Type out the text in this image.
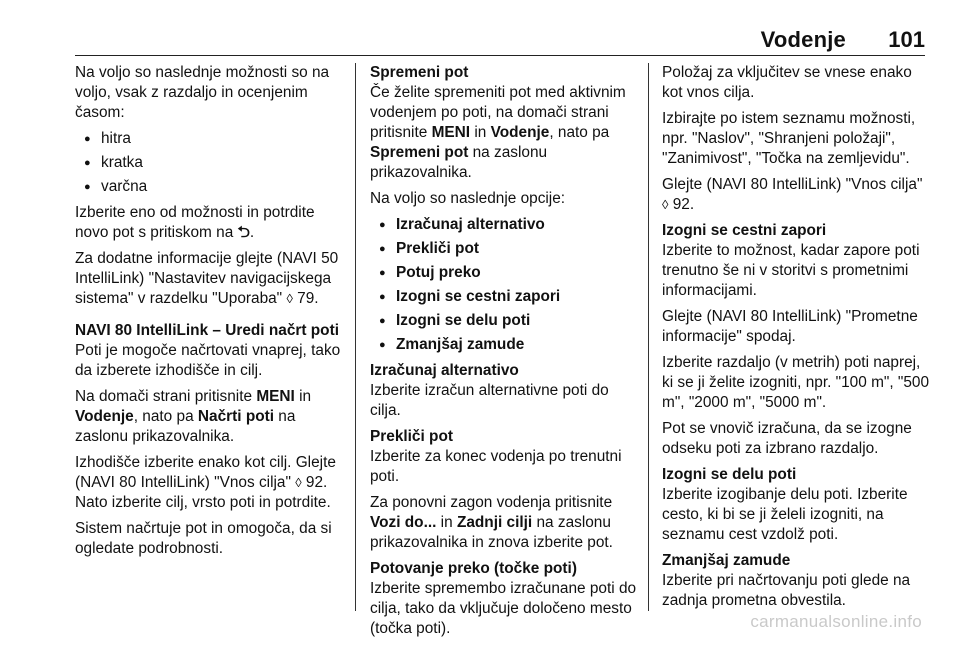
Vodenje 101

Na voljo so naslednje možnosti so na voljo, vsak z razdaljo in ocenjenim časom:

● hitra
● kratka
● varčna

Izberite eno od možnosti in potrdite novo pot s pritiskom na ⮌.

Za dodatne informacije glejte (NAVI 50 IntelliLink) "Nastavitev navigacijskega sistema" v razdelku "Uporaba" ◊ 79.

NAVI 80 IntelliLink – Uredi načrt poti

Poti je mogoče načrtovati vnaprej, tako da izberete izhodišče in cilj.

Na domači strani pritisnite MENI in Vodenje, nato pa Načrti poti na zaslonu prikazovalnika.

Izhodišče izberite enako kot cilj. Glejte (NAVI 80 IntelliLink) "Vnos cilja" ◊ 92. Nato izberite cilj, vrsto poti in potrdite.

Sistem načrtuje pot in omogoča, da si ogledate podrobnosti.

Spremeni pot

Če želite spremeniti pot med aktivnim vodenjem po poti, na domači strani pritisnite MENI in Vodenje, nato pa Spremeni pot na zaslonu prikazovalnika.

Na voljo so naslednje opcije:

● Izračunaj alternativo
● Prekliči pot
● Potuj preko
● Izogni se cestni zapori
● Izogni se delu poti
● Zmanjšaj zamude

Izračunaj alternativo

Izberite izračun alternativne poti do cilja.

Prekliči pot

Izberite za konec vodenja po trenutni poti.

Za ponovni zagon vodenja pritisnite Vozi do... in Zadnji cilji na zaslonu prikazovalnika in znova izberite pot.

Potovanje preko (točke poti)

Izberite spremembo izračunane poti do cilja, tako da vključuje določeno mesto (točka poti).

Položaj za vključitev se vnese enako kot vnos cilja.

Izbirajte po istem seznamu možnosti, npr. "Naslov", "Shranjeni položaji", "Zanimivost", "Točka na zemljevidu".

Glejte (NAVI 80 IntelliLink) "Vnos cilja" ◊ 92.

Izogni se cestni zapori

Izberite to možnost, kadar zapore poti trenutno še ni v storitvi s prometnimi informacijami.

Glejte (NAVI 80 IntelliLink) "Prometne informacije" spodaj.

Izberite razdaljo (v metrih) poti naprej, ki se ji želite izogniti, npr. "100 m", "500 m", "2000 m", "5000 m".

Pot se vnovič izračuna, da se izogne odseku poti za izbrano razdaljo.

Izogni se delu poti

Izberite izogibanje delu poti. Izberite cesto, ki bi se ji želeli izogniti, na seznamu cest vzdolž poti.

Zmanjšaj zamude

Izberite pri načrtovanju poti glede na zadnja prometna obvestila.

carmanualsonline.info
